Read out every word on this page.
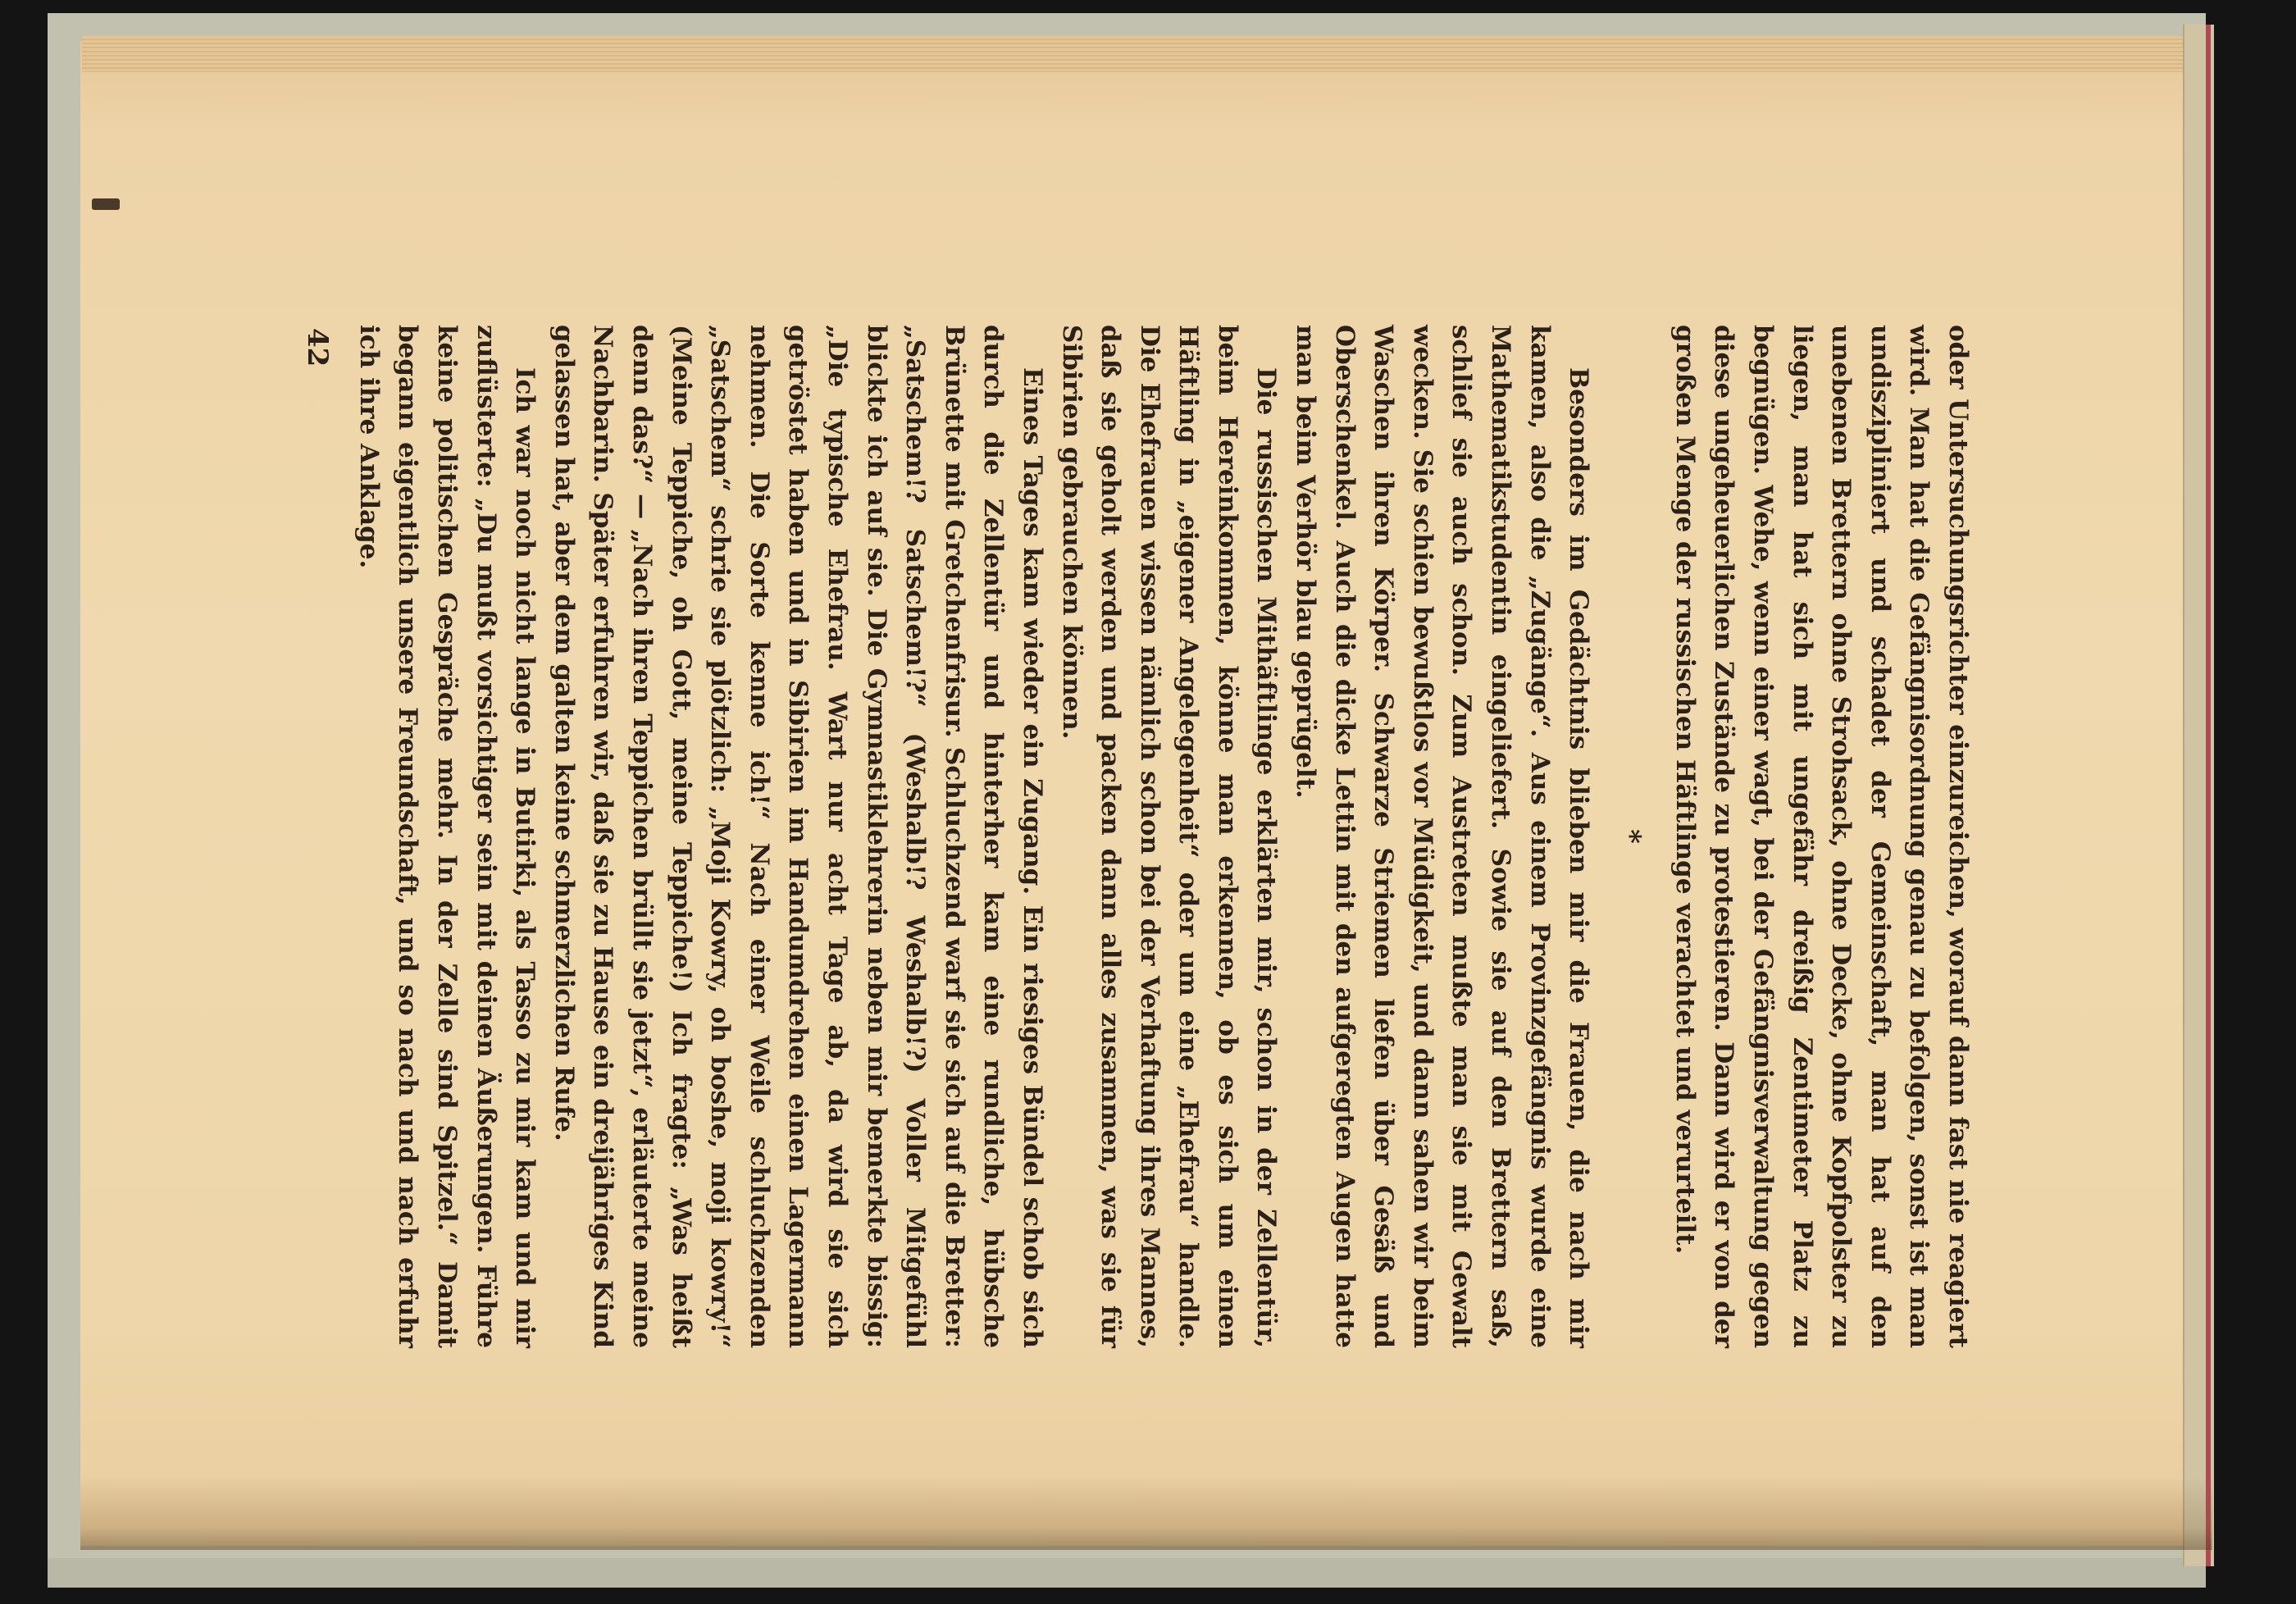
oder Untersuchungsrichter einzureichen, worauf dann fast nie reagiert wird. Man hat die Gefängnisordnung genau zu befolgen, sonst ist man undiszipliniert und schadet der Gemeinschaft, man hat auf den unebenen Brettern ohne Strohsack, ohne Decke, ohne Kopfpolster zu liegen, man hat sich mit ungefähr dreißig Zentimeter Platz zu begnügen. Wehe, wenn einer wagt, bei der Gefängnisverwaltung gegen diese ungeheuerlichen Zustände zu protestieren. Dann wird er von der großen Menge der russischen Häftlinge verachtet und verurteilt.

*

Besonders im Gedächtnis blieben mir die Frauen, die nach mir kamen, also die „Zugänge“. Aus einem Provinzgefängnis wurde eine Mathematikstudentin eingeliefert. Sowie sie auf den Brettern saß, schlief sie auch schon. Zum Austreten mußte man sie mit Gewalt wecken. Sie schien bewußtlos vor Müdigkeit, und dann sahen wir beim Waschen ihren Körper. Schwarze Striemen liefen über Gesäß und Oberschenkel. Auch die dicke Lettin mit den aufgeregten Augen hatte man beim Verhör blau geprügelt.

Die russischen Mithäftlinge erklärten mir, schon in der Zellentür, beim Hereinkommen, könne man erkennen, ob es sich um einen Häftling in „eigener Angelegenheit“ oder um eine „Ehefrau“ handle. Die Ehefrauen wissen nämlich schon bei der Verhaftung ihres Mannes, daß sie geholt werden und packen dann alles zusammen, was sie für Sibirien gebrauchen können.

Eines Tages kam wieder ein Zugang. Ein riesiges Bündel schob sich durch die Zellentür und hinterher kam eine rundliche, hübsche Brünette mit Gretchenfrisur. Schluchzend warf sie sich auf die Bretter: „Satschem!? Satschem!?“ (Weshalb!? Weshalb!?) Voller Mitgefühl blickte ich auf sie. Die Gymnastiklehrerin neben mir bemerkte bissig: „Die typische Ehefrau. Wart nur acht Tage ab, da wird sie sich getröstet haben und in Sibirien im Handumdrehen einen Lagermann nehmen. Die Sorte kenne ich!“ Nach einer Weile schluchzenden „Satschem“ schrie sie plötzlich: „Moji Kowry, oh boshe, moji kowry!“ (Meine Teppiche, oh Gott, meine Teppiche!) Ich fragte: „Was heißt denn das?“ — „Nach ihren Teppichen brüllt sie jetzt“, erläuterte meine Nachbarin. Später erfuhren wir, daß sie zu Hause ein dreijähriges Kind gelassen hat, aber dem galten keine schmerzlichen Rufe.

Ich war noch nicht lange in Butirki, als Tasso zu mir kam und mir zuflüsterte: „Du mußt vorsichtiger sein mit deinen Äußerungen. Führe keine politischen Gespräche mehr. In der Zelle sind Spitzel.“ Damit begann eigentlich unsere Freundschaft, und so nach und nach erfuhr ich ihre Anklage.

42
